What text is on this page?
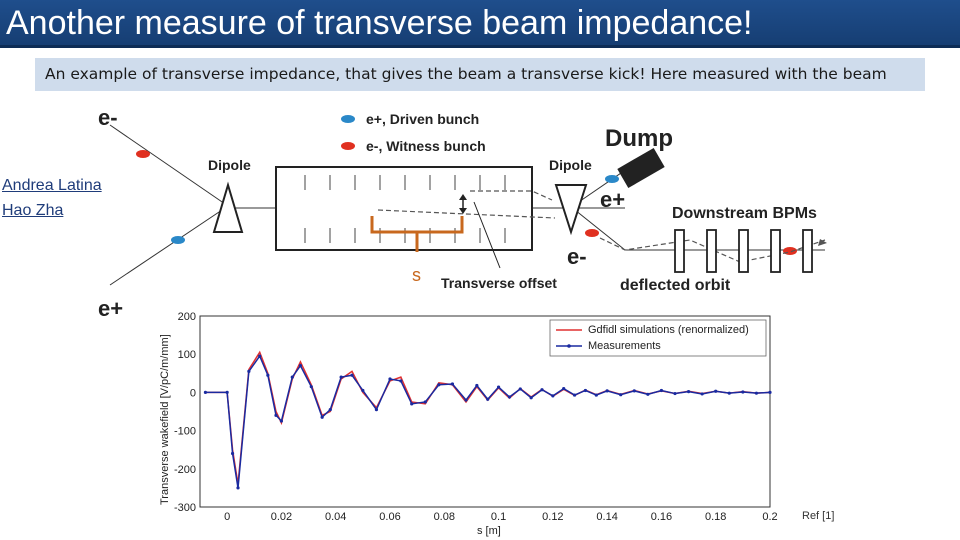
Another measure of transverse beam impedance!
An example of transverse impedance, that gives the beam a transverse kick! Here measured with the beam
Andrea Latina
Hao Zha
e-
e+
e+, Driven bunch
e-, Witness bunch
Dipole	Dipole
Dump
e+
e-
Downstream BPMs
deflected orbit
s Transverse offset
200
100
0
-100
-200
-300
0	0.02	0.04	0.06	0.08	0.1	0.12	0.14	0.16	0.18	0.2
s [m]
Transverse wakefield [V/pC/m/mm]
Gdfidl simulations (renormalized)
Measurements
Ref [1]
